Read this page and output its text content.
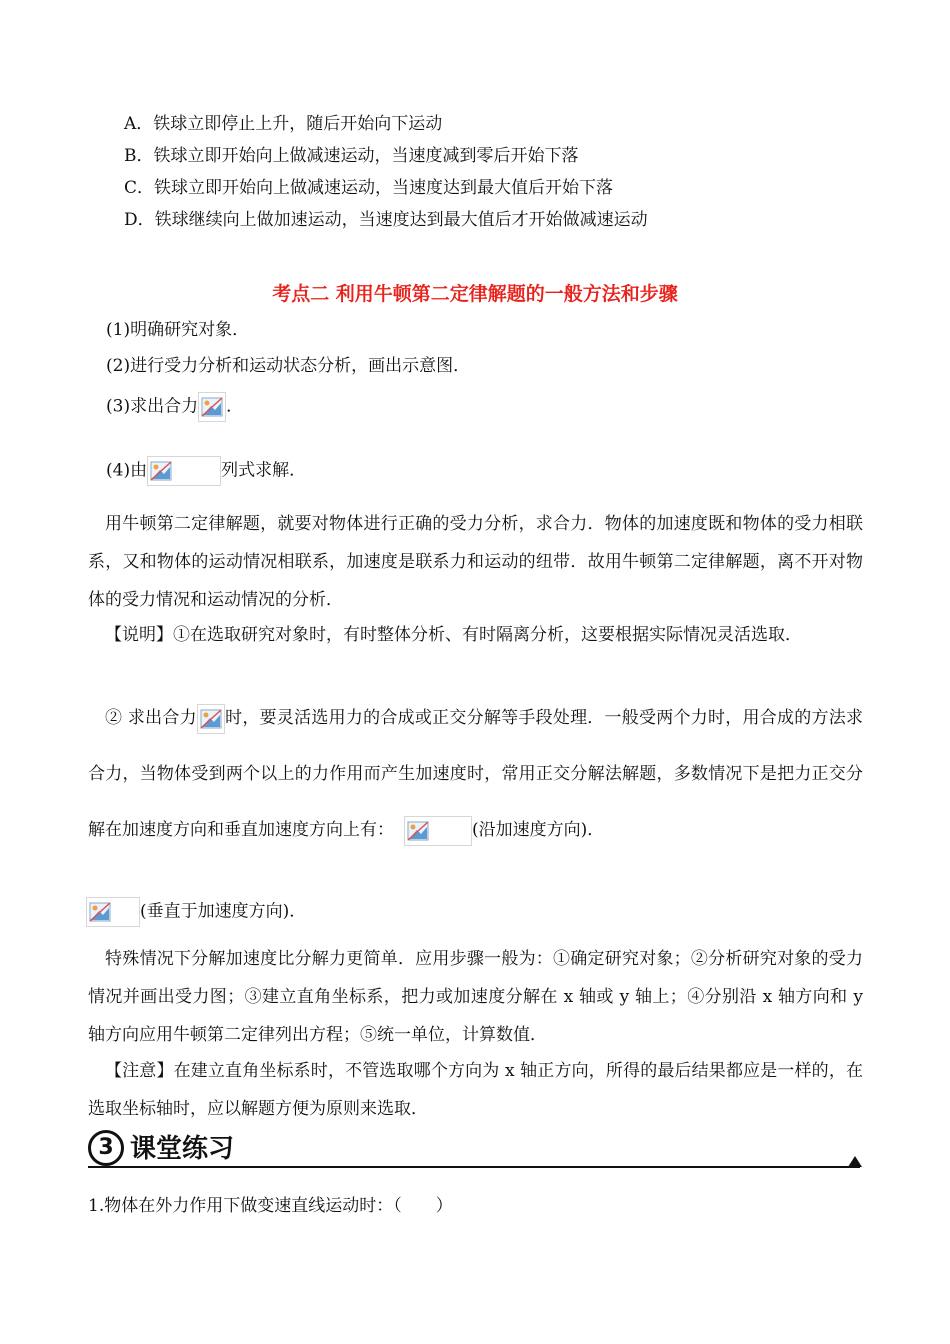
A．铁球立即停止上升，随后开始向下运动
B．铁球立即开始向上做减速运动，当速度减到零后开始下落
C．铁球立即开始向上做减速运动，当速度达到最大值后开始下落
D．铁球继续向上做加速运动，当速度达到最大值后才开始做减速运动
考点二 利用牛顿第二定律解题的一般方法和步骤
(1)明确研究对象．
(2)进行受力分析和运动状态分析，画出示意图．
(3)求出合力 ．
(4)由	列式求解．
用牛顿第二定律解题，就要对物体进行正确的受力分析，求合力．物体的加速度既和物体的受力相联系，又和物体的运动情况相联系，加速度是联系力和运动的纽带．故用牛顿第二定律解题，离不开对物体的受力情况和运动情况的分析．
【说明】①在选取研究对象时，有时整体分析、有时隔离分析，这要根据实际情况灵活选取．
② 求出合力 时，要灵活选用力的合成或正交分解等手段处理．一般受两个力时，用合成的方法求合力，当物体受到两个以上的力作用而产生加速度时，常用正交分解法解题，多数情况下是把力正交分解在加速度方向和垂直加速度方向上有：	(沿加速度方向)．
(垂直于加速度方向)．
特殊情况下分解加速度比分解力更简单．应用步骤一般为：①确定研究对象；②分析研究对象的受力情况并画出受力图；③建立直角坐标系，把力或加速度分解在 x 轴或 y 轴上；④分别沿 x 轴方向和 y 轴方向应用牛顿第二定律列出方程；⑤统一单位，计算数值．
【注意】在建立直角坐标系时，不管选取哪个方向为 x 轴正方向，所得的最后结果都应是一样的，在选取坐标轴时，应以解题方便为原则来选取．
3 课堂练习
1.物体在外力作用下做变速直线运动时：（　　）
